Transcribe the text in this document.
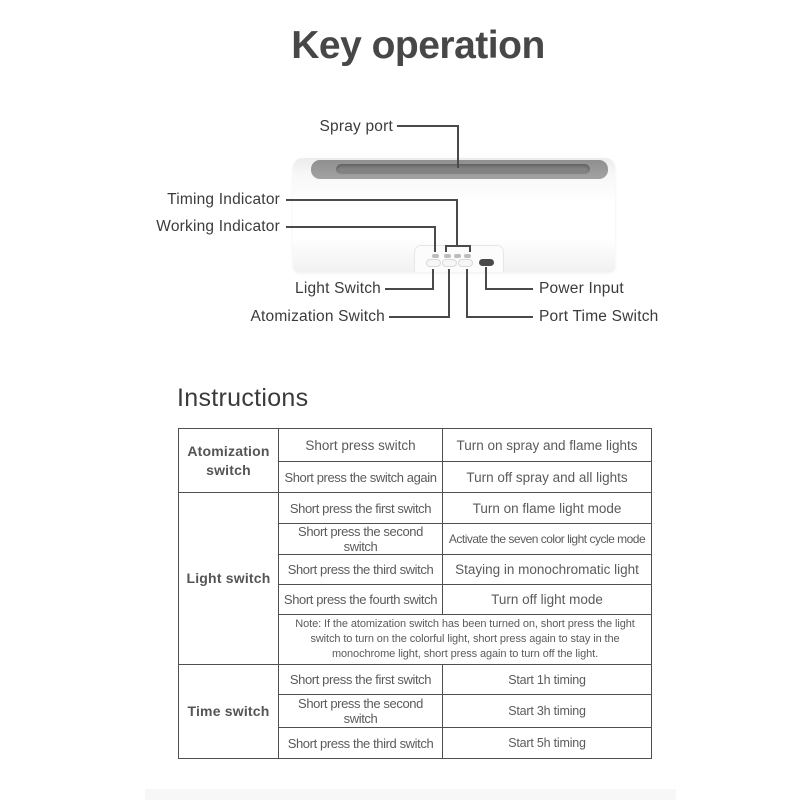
Key operation
Spray port
Timing Indicator
Working Indicator
Light Switch
Atomization Switch
Power Input
Port Time Switch
Instructions
Atomization switch	Short press switch	Turn on spray and flame lights
	Short press the switch again	Turn off spray and all lights
Light switch	Short press the first switch	Turn on flame light mode
	Short press the second switch	Activate the seven color light cycle mode
	Short press the third switch	Staying in monochromatic light
	Short press the fourth switch	Turn off light mode
	Note: If the atomization switch has been turned on, short press the light switch to turn on the colorful light, short press again to stay in the monochrome light, short press again to turn off the light.	
Time switch	Short press the first switch	Start 1h timing
	Short press the second switch	Start 3h timing
	Short press the third switch	Start 5h timing
